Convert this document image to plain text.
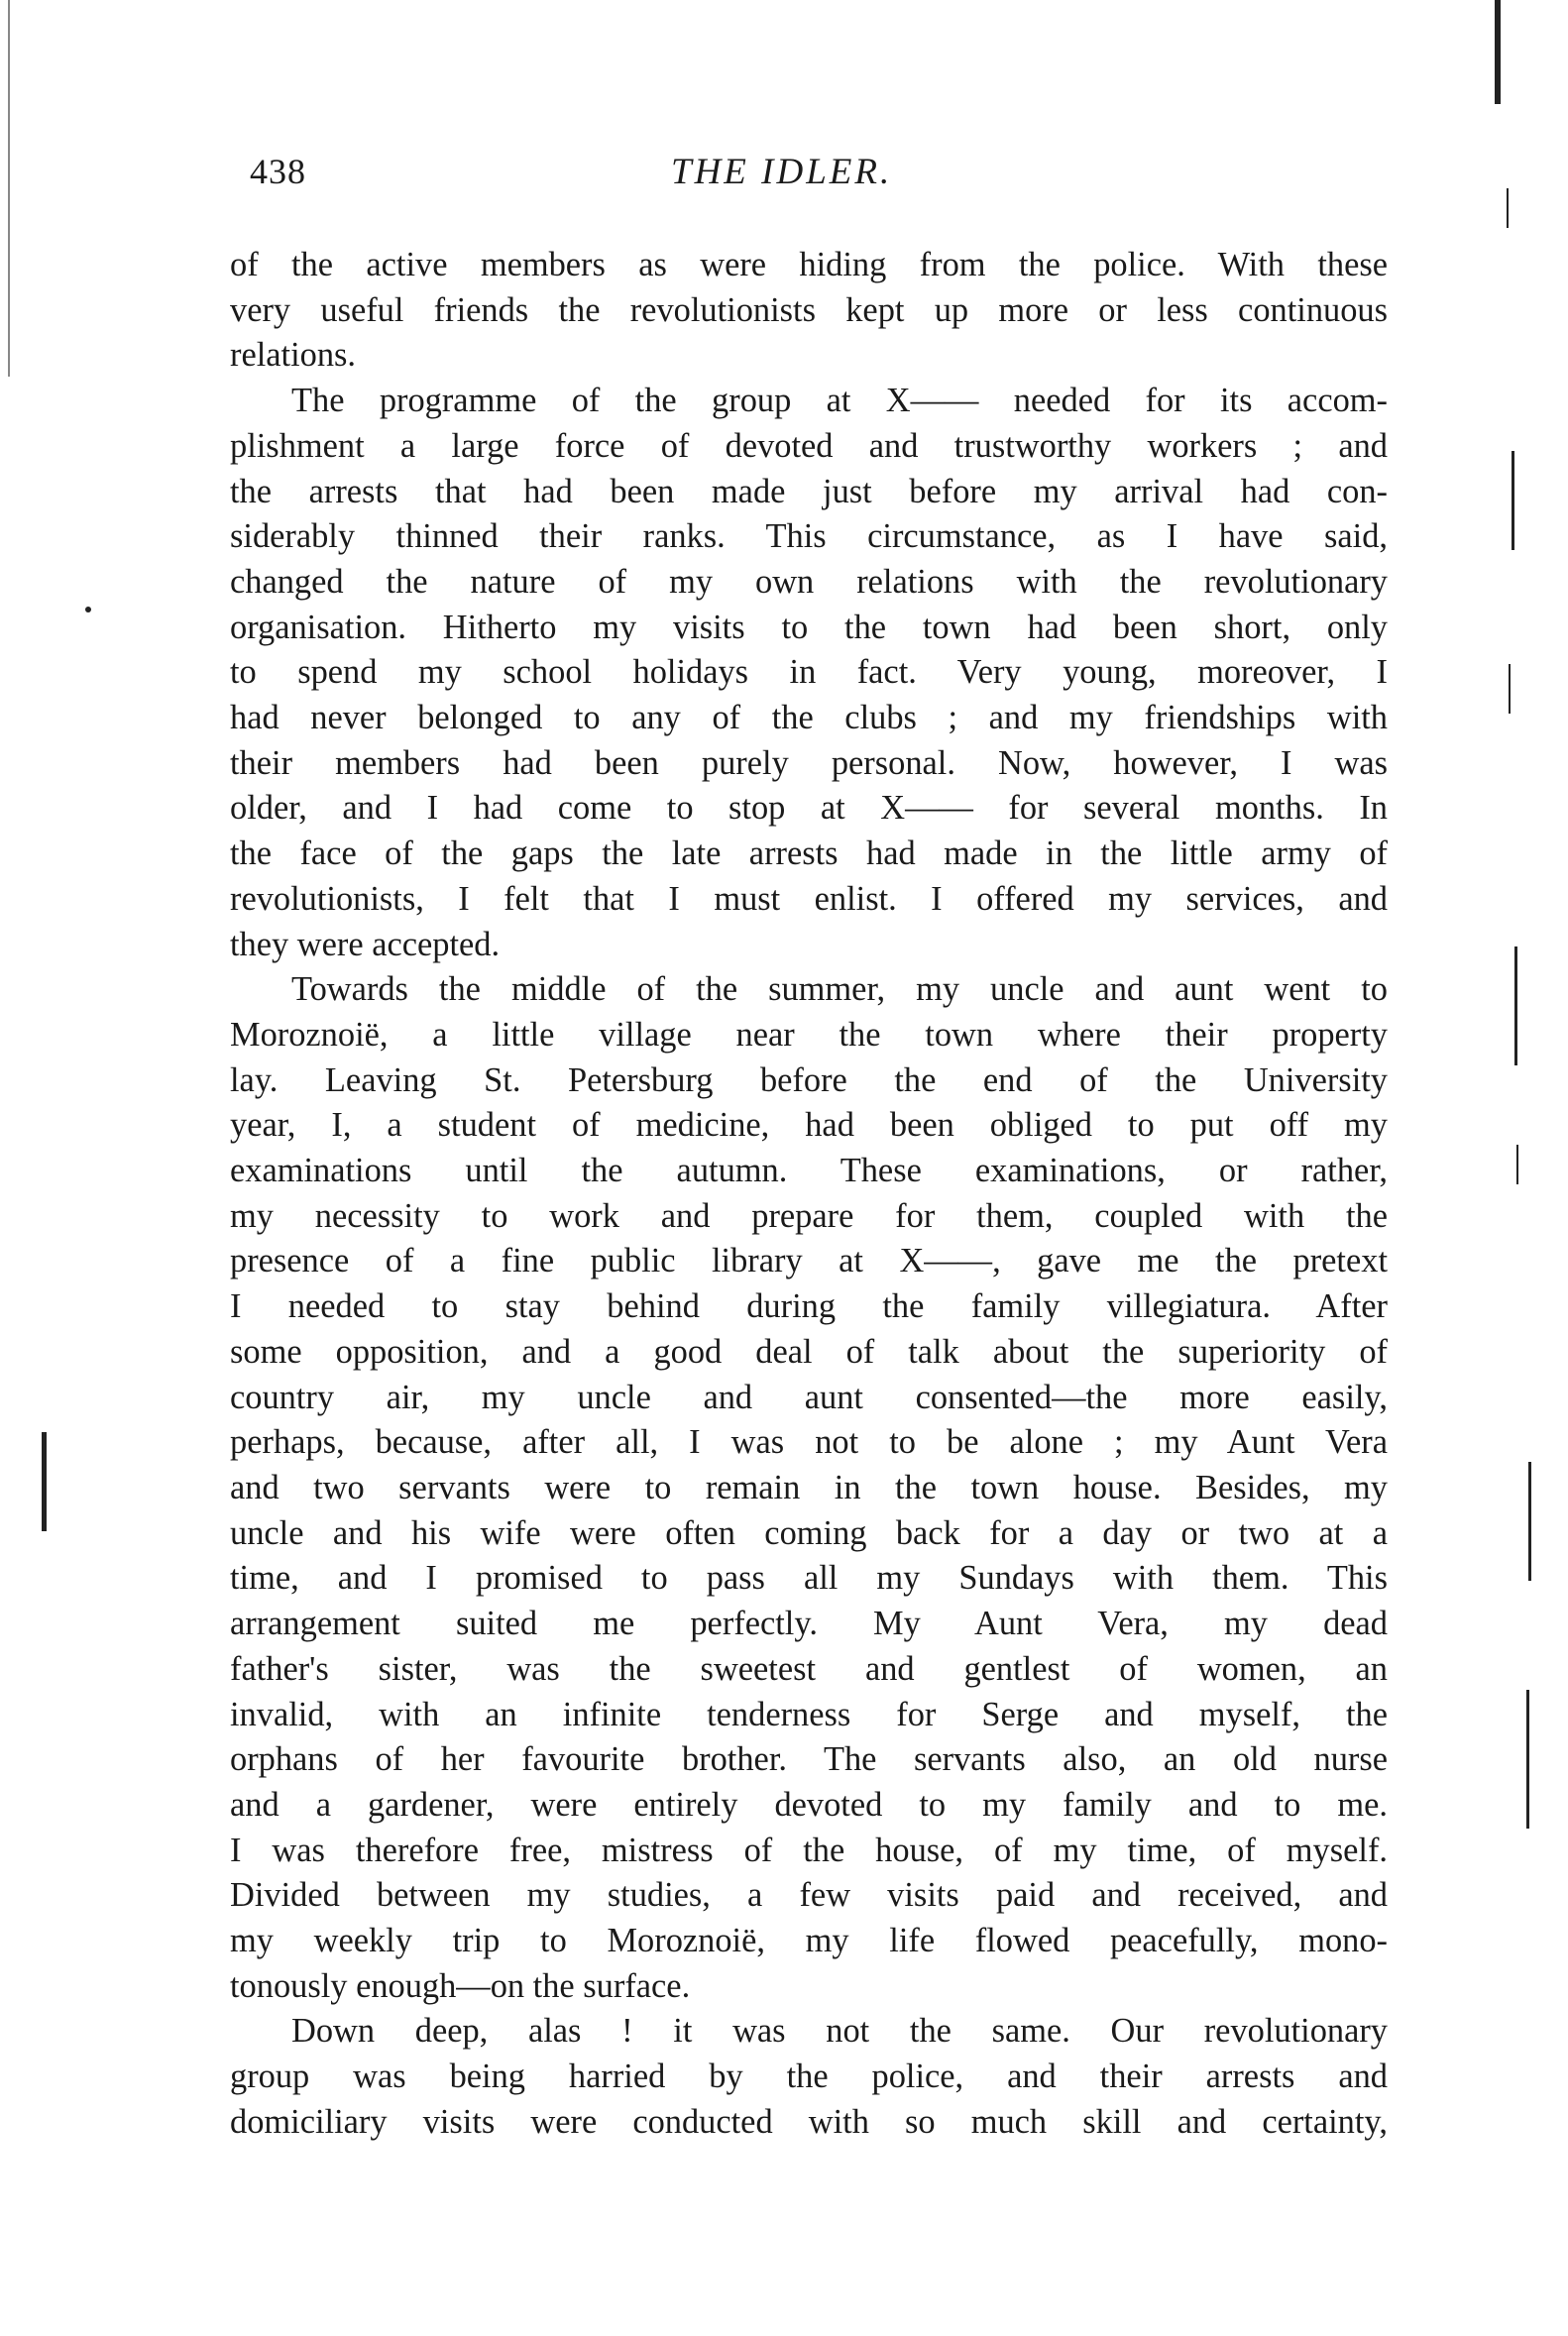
438	THE IDLER.
of the active members as were hiding from the police. With these
very useful friends the revolutionists kept up more or less continuous
relations.
The programme of the group at X—— needed for its accom-
plishment a large force of devoted and trustworthy workers ; and
the arrests that had been made just before my arrival had con-
siderably thinned their ranks. This circumstance, as I have said,
changed the nature of my own relations with the revolutionary
organisation. Hitherto my visits to the town had been short, only
to spend my school holidays in fact. Very young, moreover, I
had never belonged to any of the clubs ; and my friendships with
their members had been purely personal. Now, however, I was
older, and I had come to stop at X—— for several months. In
the face of the gaps the late arrests had made in the little army of
revolutionists, I felt that I must enlist. I offered my services, and
they were accepted.
Towards the middle of the summer, my uncle and aunt went to
Moroznoië, a little village near the town where their property
lay. Leaving St. Petersburg before the end of the University
year, I, a student of medicine, had been obliged to put off my
examinations until the autumn. These examinations, or rather,
my necessity to work and prepare for them, coupled with the
presence of a fine public library at X——, gave me the pretext
I needed to stay behind during the family villegiatura. After
some opposition, and a good deal of talk about the superiority of
country air, my uncle and aunt consented—the more easily,
perhaps, because, after all, I was not to be alone ; my Aunt Vera
and two servants were to remain in the town house. Besides, my
uncle and his wife were often coming back for a day or two at a
time, and I promised to pass all my Sundays with them. This
arrangement suited me perfectly. My Aunt Vera, my dead
father's sister, was the sweetest and gentlest of women, an
invalid, with an infinite tenderness for Serge and myself, the
orphans of her favourite brother. The servants also, an old nurse
and a gardener, were entirely devoted to my family and to me.
I was therefore free, mistress of the house, of my time, of myself.
Divided between my studies, a few visits paid and received, and
my weekly trip to Moroznoië, my life flowed peacefully, mono-
tonously enough—on the surface.
Down deep, alas ! it was not the same. Our revolutionary
group was being harried by the police, and their arrests and
domiciliary visits were conducted with so much skill and certainty,
